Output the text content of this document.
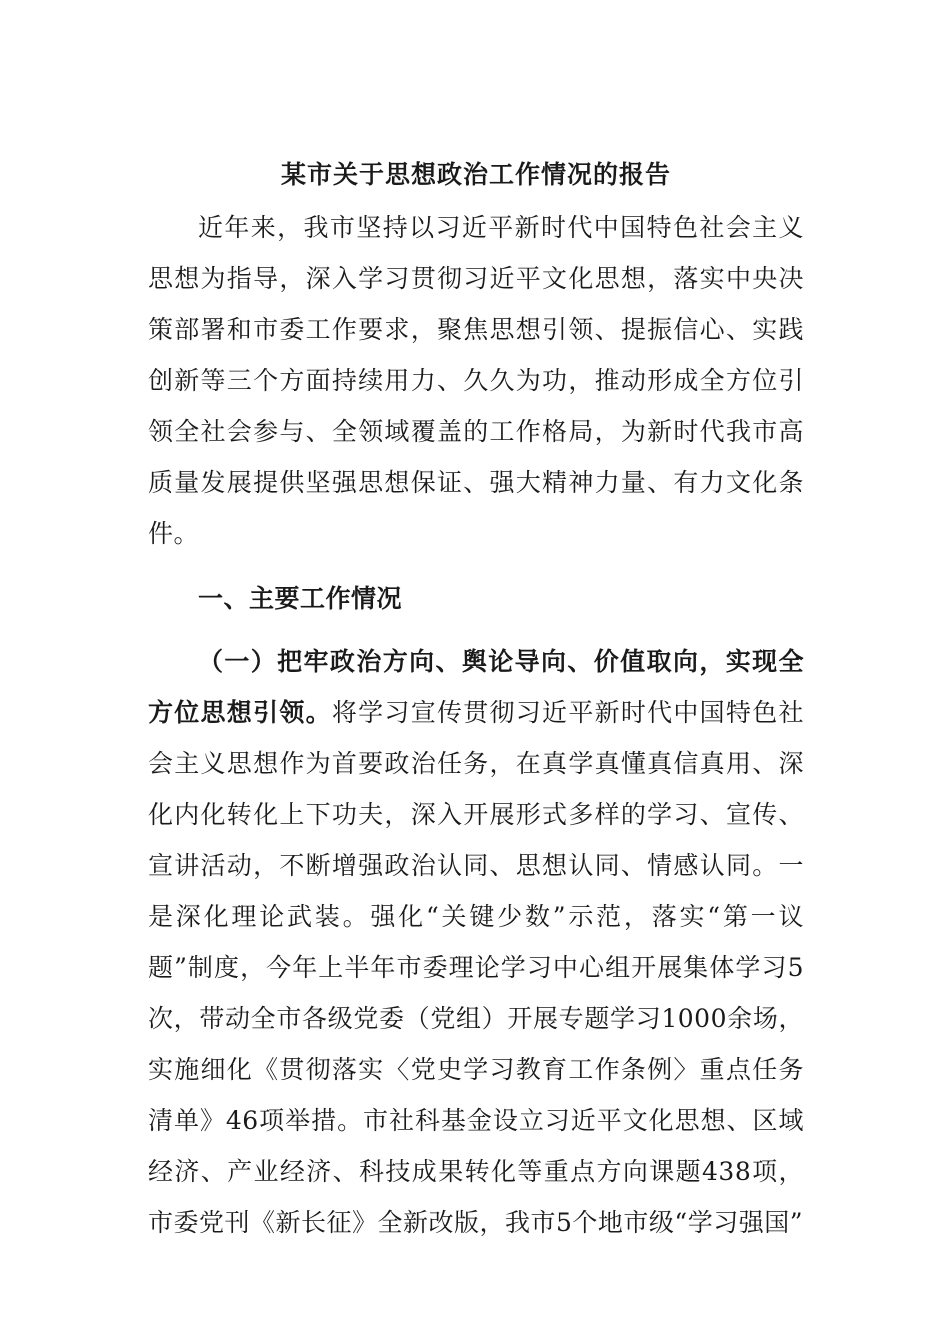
某市关于思想政治工作情况的报告

近年来，我市坚持以习近平新时代中国特色社会主义思想为指导，深入学习贯彻习近平文化思想，落实中央决策部署和市委工作要求，聚焦思想引领、提振信心、实践创新等三个方面持续用力、久久为功，推动形成全方位引领全社会参与、全领域覆盖的工作格局，为新时代我市高质量发展提供坚强思想保证、强大精神力量、有力文化条件。

一、主要工作情况

（一）把牢政治方向、舆论导向、价值取向，实现全方位思想引领。将学习宣传贯彻习近平新时代中国特色社会主义思想作为首要政治任务，在真学真懂真信真用、深化内化转化上下功夫，深入开展形式多样的学习、宣传、宣讲活动，不断增强政治认同、思想认同、情感认同。一是深化理论武装。强化“关键少数”示范，落实“第一议题”制度，今年上半年市委理论学习中心组开展集体学习5次，带动全市各级党委（党组）开展专题学习1000余场，实施细化《贯彻落实〈党史学习教育工作条例〉重点任务清单》46项举措。市社科基金设立习近平文化思想、区域经济、产业经济、科技成果转化等重点方向课题438项，市委党刊《新长征》全新改版，我市5个地市级“学习强国”
